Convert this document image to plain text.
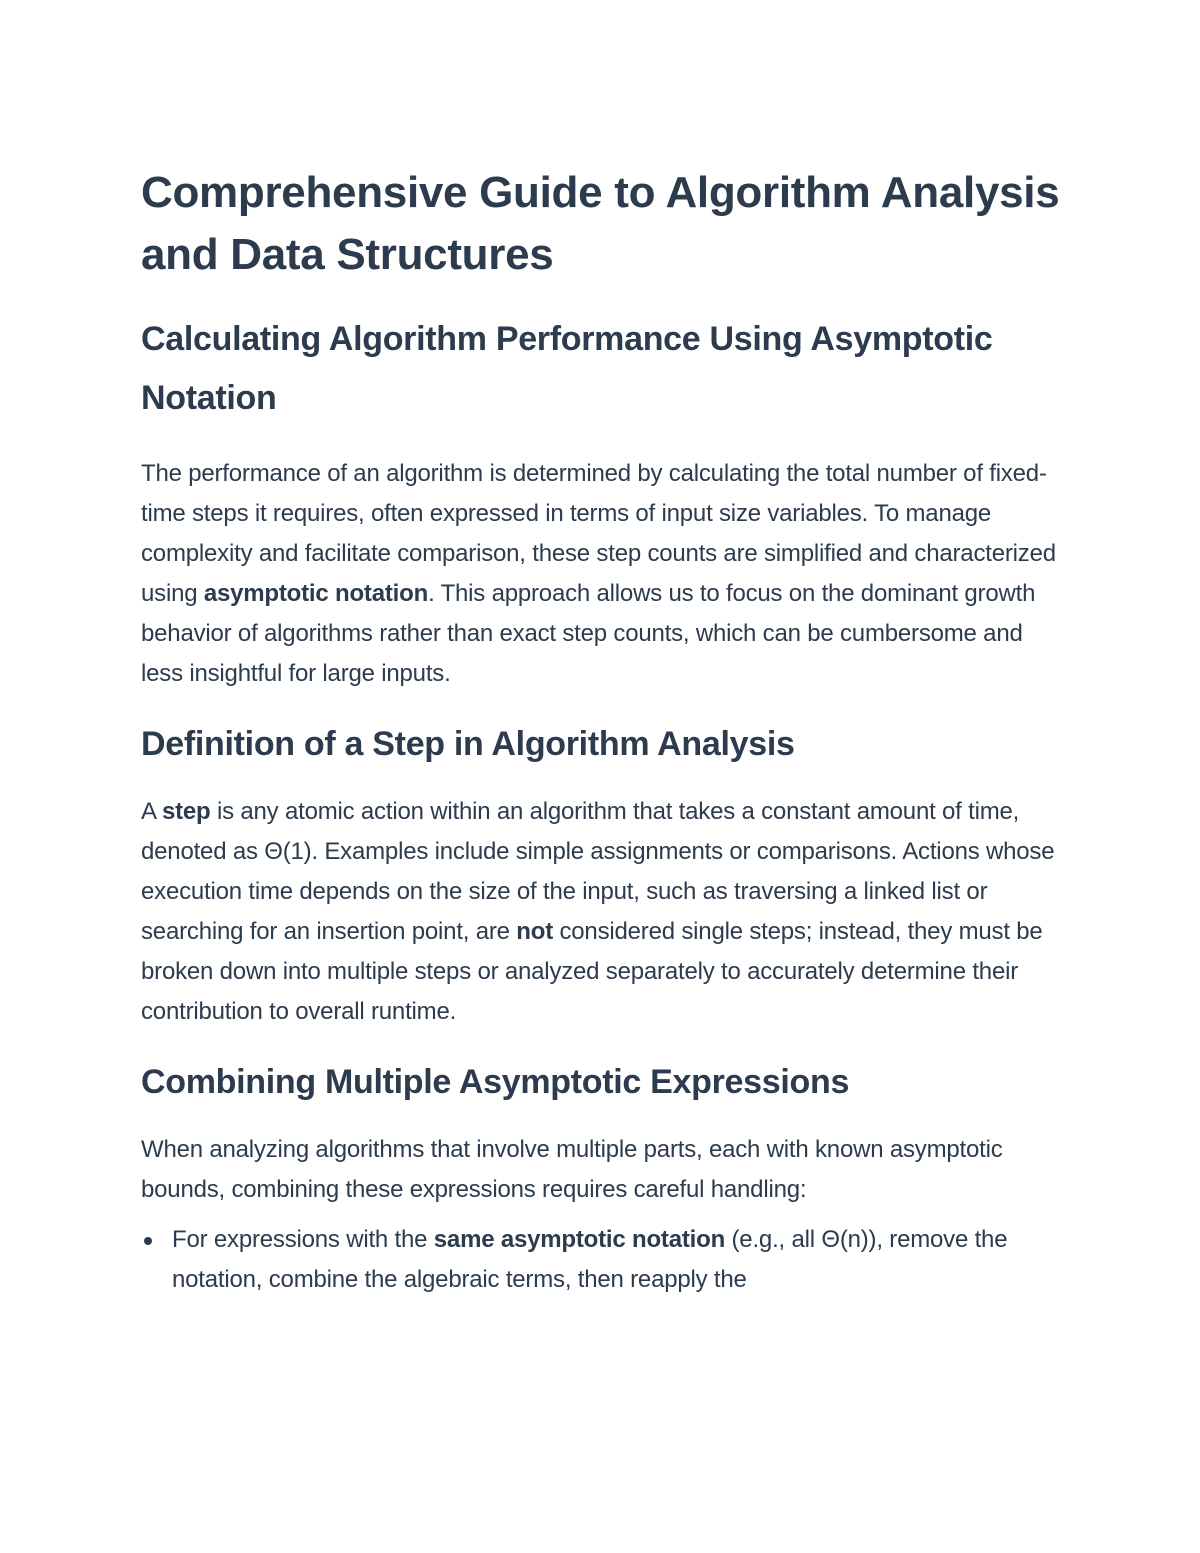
Comprehensive Guide to Algorithm Analysis and Data Structures
Calculating Algorithm Performance Using Asymptotic Notation

The performance of an algorithm is determined by calculating the total number of fixed-time steps it requires, often expressed in terms of input size variables. To manage complexity and facilitate comparison, these step counts are simplified and characterized using asymptotic notation. This approach allows us to focus on the dominant growth behavior of algorithms rather than exact step counts, which can be cumbersome and less insightful for large inputs.

Definition of a Step in Algorithm Analysis

A step is any atomic action within an algorithm that takes a constant amount of time, denoted as Θ(1). Examples include simple assignments or comparisons. Actions whose execution time depends on the size of the input, such as traversing a linked list or searching for an insertion point, are not considered single steps; instead, they must be broken down into multiple steps or analyzed separately to accurately determine their contribution to overall runtime.

Combining Multiple Asymptotic Expressions

When analyzing algorithms that involve multiple parts, each with known asymptotic bounds, combining these expressions requires careful handling:

For expressions with the same asymptotic notation (e.g., all Θ(n)), remove the notation, combine the algebraic terms, then reapply the
